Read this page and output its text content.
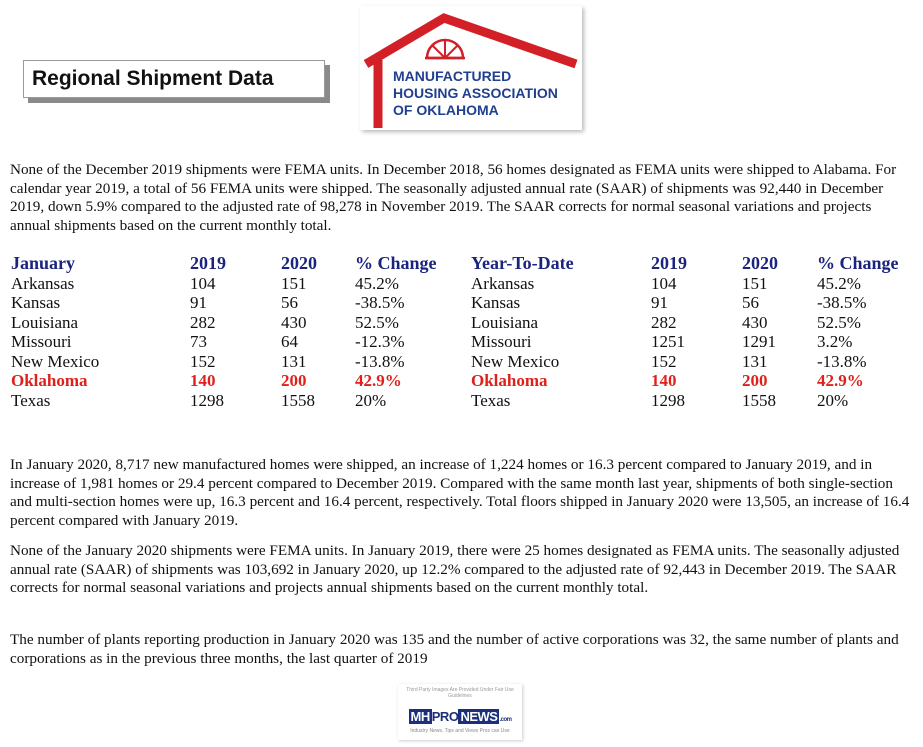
Regional Shipment Data	MANUFACTURED
HOUSING ASSOCIATION
OF OKLAHOMA

None of the December 2019 shipments were FEMA units. In December 2018, 56 homes designated as FEMA units were shipped to Alabama. For calendar year 2019, a total of 56 FEMA units were shipped. The seasonally adjusted annual rate (SAAR) of shipments was 92,440 in December 2019, down 5.9% compared to the adjusted rate of 98,278 in November 2019. The SAAR corrects for normal seasonal variations and projects annual shipments based on the current monthly total.

January	2019	2020	% Change
Arkansas	104	151	45.2%
Kansas	91	56	-38.5%
Louisiana	282	430	52.5%
Missouri	73	64	-12.3%
New Mexico	152	131	-13.8%
Oklahoma	140	200	42.9%
Texas	1298	1558	20%
Year-To-Date	2019	2020	% Change
Arkansas	104	151	45.2%
Kansas	91	56	-38.5%
Louisiana	282	430	52.5%
Missouri	1251	1291	3.2%
New Mexico	152	131	-13.8%
Oklahoma	140	200	42.9%
Texas	1298	1558	20%

In January 2020, 8,717 new manufactured homes were shipped, an increase of 1,224 homes or 16.3 percent compared to January 2019, and in increase of 1,981 homes or 29.4 percent compared to December 2019. Compared with the same month last year, shipments of both single-section and multi-section homes were up, 16.3 percent and 16.4 percent, respectively. Total floors shipped in January 2020 were 13,505, an increase of 16.4 percent compared with January 2019.

None of the January 2020 shipments were FEMA units. In January 2019, there were 25 homes designated as FEMA units. The seasonally adjusted annual rate (SAAR) of shipments was 103,692 in January 2020, up 12.2% compared to the adjusted rate of 92,443 in December 2019. The SAAR corrects for normal seasonal variations and projects annual shipments based on the current monthly total.

The number of plants reporting production in January 2020 was 135 and the number of active corporations was 32, the same number of plants and corporations as in the previous three months, the last quarter of 2019

Third Party Images Are Provided Under Fair Use Guidelines
MH PRO NEWS .com
Industry News, Tips and Views Pros can Use
